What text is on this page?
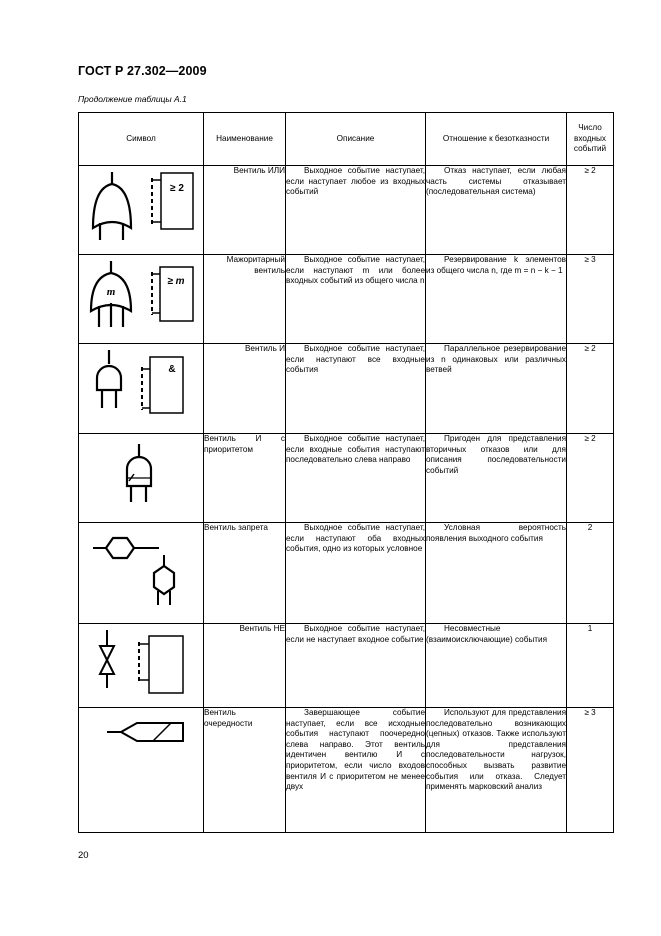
ГОСТ Р 27.302—2009
Продолжение таблицы А.1
Символ	Наименование	Описание	Отношение к безотказности	Число входных событий

≥ 2	Вентиль ИЛИ	Выходное событие наступает, если наступает любое из входных событий	Отказ наступает, если любая часть системы отказывает (последовательная система)	≥ 2

m
≥ m	Мажоритарный вентиль	Выходное событие наступает, если наступают m или более входных событий из общего числа n	Резервирование k элементов из общего числа n, где m = n − k − 1	≥ 3

&	Вентиль И	Выходное событие наступает, если наступают все входные события	Параллельное резервирование из n одинаковых или различных ветвей	≥ 2

	Вентиль И с приоритетом	Выходное событие наступает, если входные события наступают последовательно слева направо	Пригоден для представления вторичных отказов или для описания последовательности событий	≥ 2

	Вентиль запрета	Выходное событие наступает, если наступают оба входных события, одно из которых условное	Условная вероятность появления выходного события	2

	Вентиль НЕ	Выходное событие наступает, если не наступает входное событие	Несовместные (взаимоисключающие) события	1

	Вентиль очередности	Завершающее событие наступает, если все исходные события наступают поочередно слева направо. Этот вентиль идентичен вентилю И с приоритетом, если число входов вентиля И с приоритетом не менее двух	Используют для представления последовательно возникающих (цепных) отказов. Также используют для представления последовательности нагрузок, способных вызвать развитие события или отказа. Следует применять марковский анализ	≥ 3
20
